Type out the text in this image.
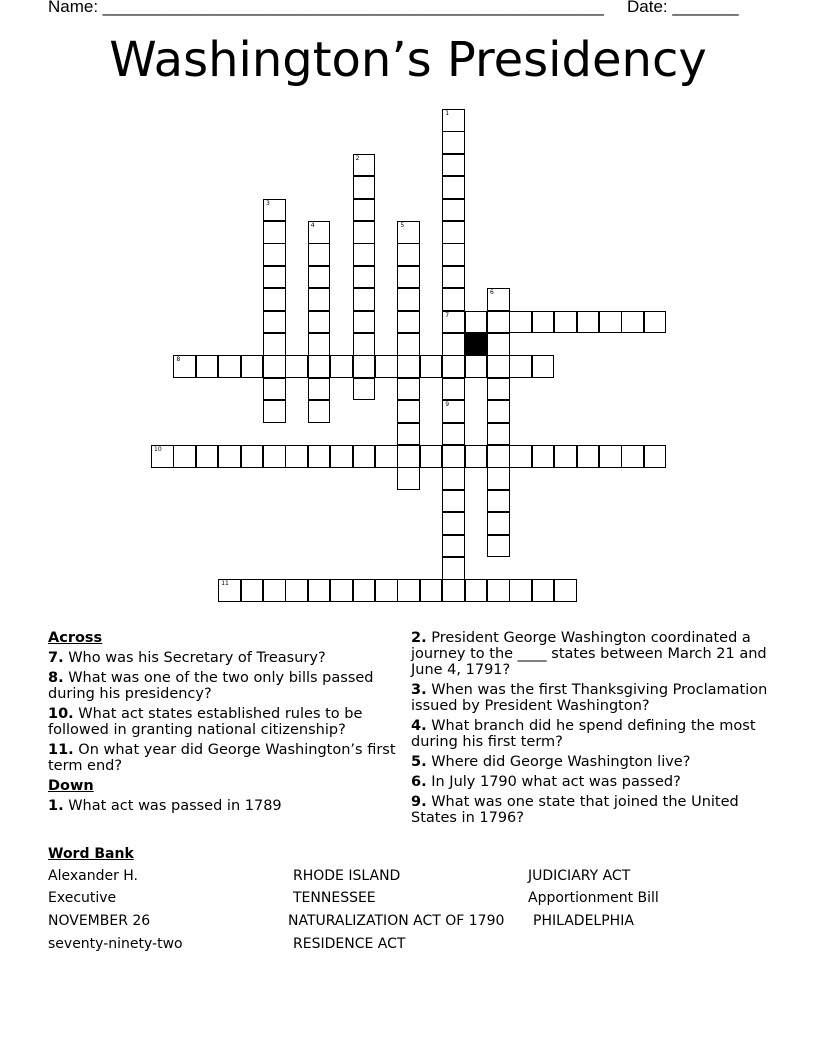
Name: _____________________________________________________ Date: _______
Washington’s Presidency
1
7
9
2
3
4	5
6
8
10
11
Across
7. Who was his Secretary of Treasury?
8. What was one of the two only bills passed during his presidency?
10. What act states established rules to be followed in granting national citizenship?
11. On what year did George Washington’s first term end?
Down
1. What act was passed in 1789
2. President George Washington coordinated a journey to the ____ states between March 21 and June 4, 1791?
3. When was the first Thanksgiving Proclamation issued by President Washington?
4. What branch did he spend defining the most during his first term?
5. Where did George Washington live?
6. In July 1790 what act was passed?
9. What was one state that joined the United States in 1796?
Word Bank
Alexander H.	RHODE ISLAND	JUDICIARY ACT
Executive	TENNESSEE	Apportionment Bill
NOVEMBER 26	NATURALIZATION ACT OF 1790 PHILADELPHIA
seventy-ninety-two	RESIDENCE ACT
